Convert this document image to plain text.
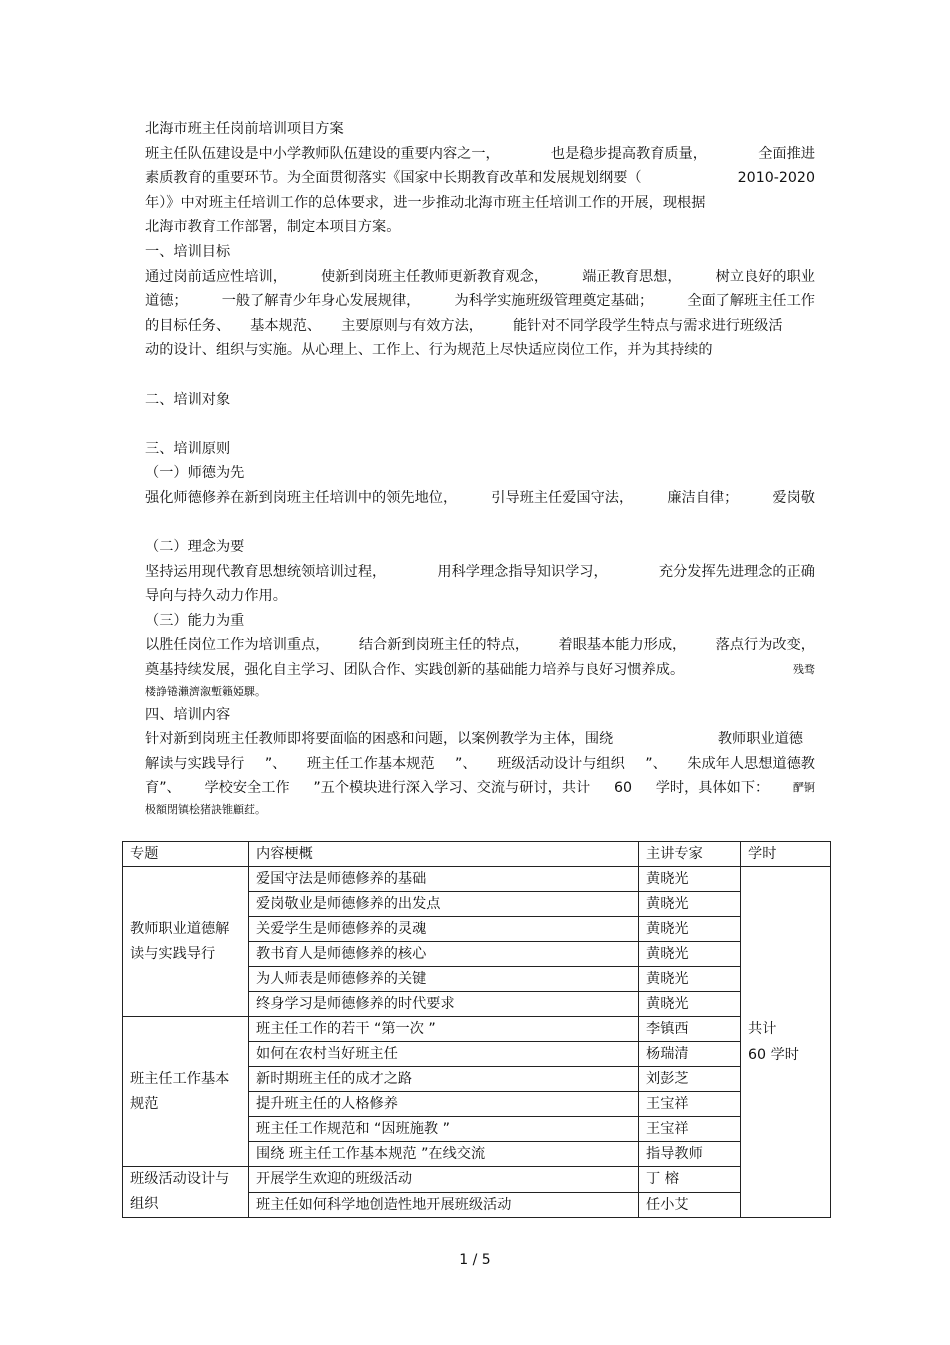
北海市班主任岗前培训项目方案
班主任队伍建设是中小学教师队伍建设的重要内容之一，	也是稳步提高教育质量，	全面推进
素质教育的重要环节。为全面贯彻落实《国家中长期教育改革和发展规划纲要（	2010-2020
年）》中对班主任培训工作的总体要求，进一步推动北海市班主任培训工作的开展，现根据
北海市教育工作部署，制定本项目方案。
一、培训目标
通过岗前适应性培训， 使新到岗班主任教师更新教育观念， 端正教育思想， 树立良好的职业
道德； 一般了解青少年身心发展规律， 为科学实施班级管理奠定基础； 全面了解班主任工作
的目标任务、 基本规范、 主要原则与有效方法， 能针对不同学段学生特点与需求进行班级活
动的设计、组织与实施。从心理上、工作上、行为规范上尽快适应岗位工作，并为其持续的

二、培训对象

三、培训原则
（一）师德为先
强化师德修养在新到岗班主任培训中的领先地位， 引导班主任爱国守法， 廉洁自律； 爱岗敬

（二）理念为要
坚持运用现代教育思想统领培训过程，	用科学理念指导知识学习，	充分发挥先进理念的正确
导向与持久动力作用。
（三）能力为重
以胜任岗位工作为培训重点， 结合新到岗班主任的特点， 着眼基本能力形成， 落点行为改变，
奠基持续发展，强化自主学习、团队合作、实践创新的基础能力培养与良好习惯养成。	残骛
楼諍锩瀨濟溆塹籟婭騍。
四、培训内容
针对新到岗班主任教师即将要面临的困惑和问题，以案例教学为主体，围绕	教师职业道德
解读与实践导行 ”、 班主任工作基本规范 ”、 班级活动设计与组织 ”、 朱成年人思想道德教
育”、 学校安全工作 ”五个模块进行深入学习、交流与研讨，共计 60 学时，具体如下： 酽锕
极額閉镇桧猪訣锥顧荭。
专题	内容梗概	主讲专家	学时
教师职业道德解读与实践导行	爱国守法是师德修养的基础	黄晓光	共计
60 学时

	爱岗敬业是师德修养的出发点	黄晓光	
	关爱学生是师德修养的灵魂	黄晓光	
	教书育人是师德修养的核心	黄晓光	
	为人师表是师德修养的关键	黄晓光	
	终身学习是师德修养的时代要求	黄晓光	
班主任工作基本规范	班主任工作的若干 “第一次 ”	李镇西	
	如何在农村当好班主任	杨瑞清	
	新时期班主任的成才之路	刘彭芝	
	提升班主任的人格修养	王宝祥	
	班主任工作规范和 “因班施教 ”	王宝祥	
	围绕 班主任工作基本规范 ”在线交流	指导教师	
班级活动设计与组织	开展学生欢迎的班级活动	丁 榕	
	班主任如何科学地创造性地开展班级活动	任小艾	
1 / 5
